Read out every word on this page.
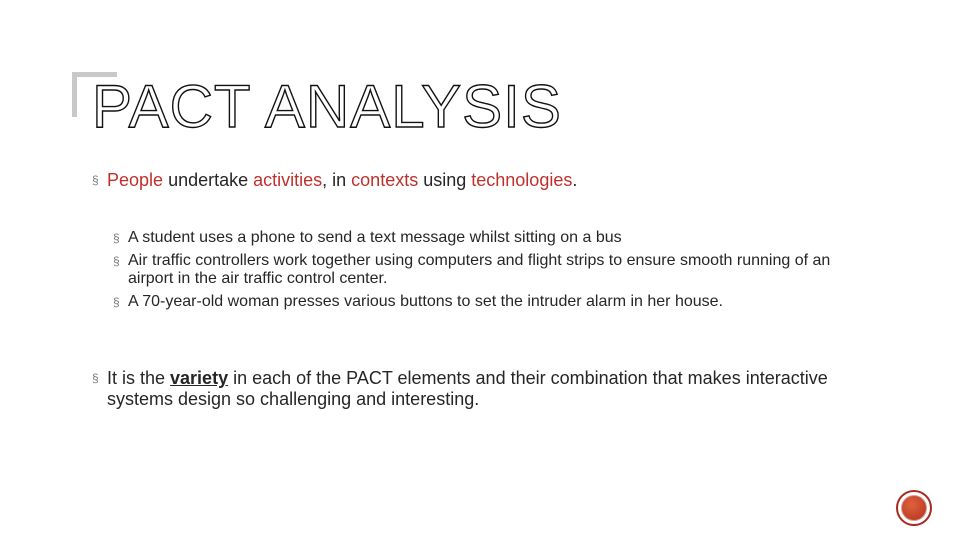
PACT ANALYSIS

§ People undertake activities, in contexts using technologies.

§ A student uses a phone to send a text message whilst sitting on a bus
§ Air traffic controllers work together using computers and flight strips to ensure smooth running of an airport in the air traffic control center.
§ A 70-year-old woman presses various buttons to set the intruder alarm in her house.

§ It is the variety in each of the PACT elements and their combination that makes interactive systems design so challenging and interesting.
